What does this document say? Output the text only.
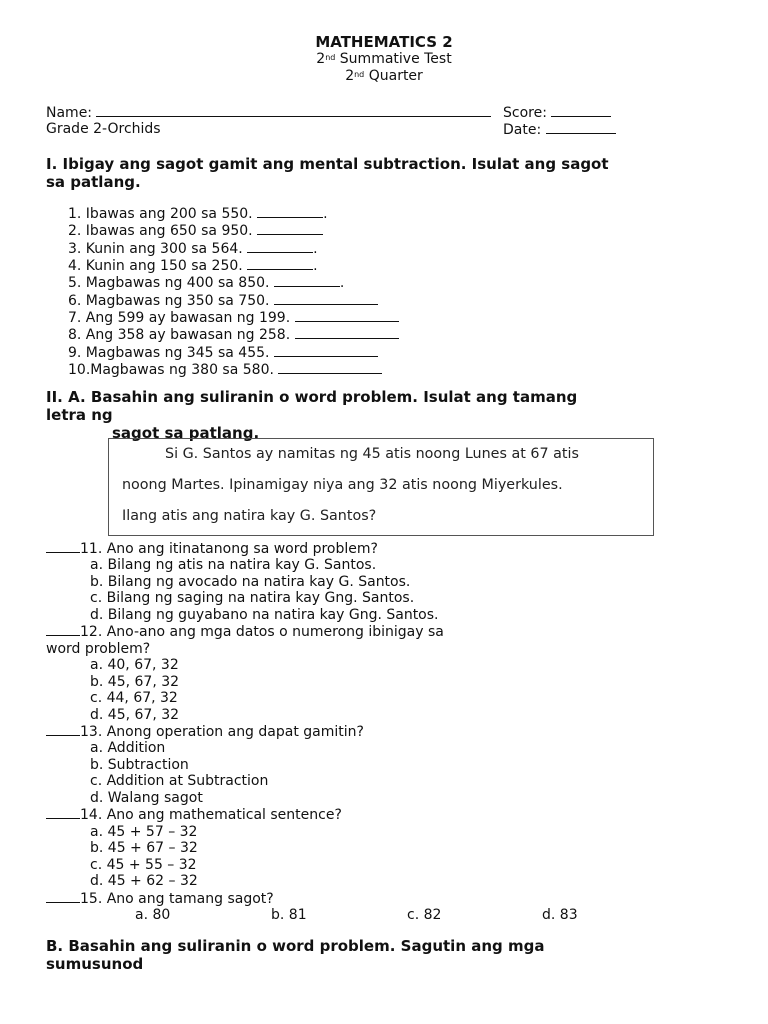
MATHEMATICS 2
2nd Summative Test
2nd Quarter
Name:	Score:
Grade 2-Orchids	Date:
I. Ibigay ang sagot gamit ang mental subtraction. Isulat ang sagot
sa patlang.
1. Ibawas ang 200 sa 550.	.
2. Ibawas ang 650 sa 950.
3. Kunin ang 300 sa 564.	.
4. Kunin ang 150 sa 250.	.
5. Magbawas ng 400 sa 850.	.
6. Magbawas ng 350 sa 750.
7. Ang 599 ay bawasan ng 199.
8. Ang 358 ay bawasan ng 258.
9. Magbawas ng 345 sa 455.
10.Magbawas ng 380 sa 580.
II. A. Basahin ang suliranin o word problem. Isulat ang tamang
letra ng
sagot sa patlang.
Si G. Santos ay namitas ng 45 atis noong Lunes at 67 atis
noong Martes. Ipinamigay niya ang 32 atis noong Miyerkules.
Ilang atis ang natira kay G. Santos?
11. Ano ang itinatanong sa word problem?
a. Bilang ng atis na natira kay G. Santos.
b. Bilang ng avocado na natira kay G. Santos.
c. Bilang ng saging na natira kay Gng. Santos.
d. Bilang ng guyabano na natira kay Gng. Santos.
12. Ano-ano ang mga datos o numerong ibinigay sa
word problem?
a. 40, 67, 32
b. 45, 67, 32
c. 44, 67, 32
d. 45, 67, 32
13. Anong operation ang dapat gamitin?
a. Addition
b. Subtraction
c. Addition at Subtraction
d. Walang sagot
14. Ano ang mathematical sentence?
a. 45 + 57 – 32
b. 45 + 67 – 32
c. 45 + 55 – 32
d. 45 + 62 – 32
15. Ano ang tamang sagot?
a. 80	b. 81	c. 82	d. 83
B. Basahin ang suliranin o word problem. Sagutin ang mga
sumusunod
